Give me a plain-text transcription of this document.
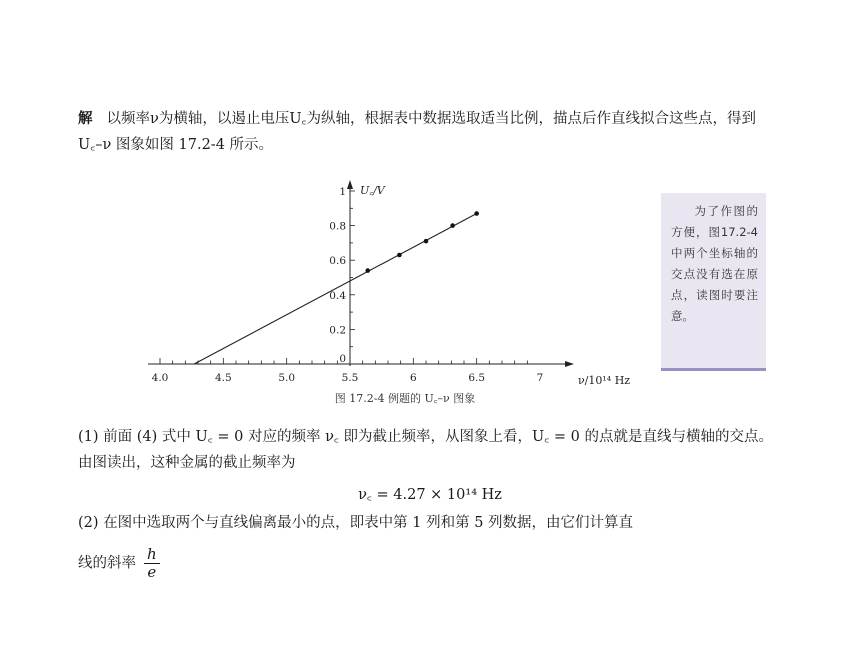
解 以频率ν为横轴，以遏止电压U꜀为纵轴，根据表中数据选取适当比例，描点后作直线拟合这些点，得到 U꜀–ν 图象如图 17.2-4 所示。

4.0	4.5	5.0	5.5	6	6.5	7
0
0.2
0.4
0.6
0.8
1 U꜀/V
ν/10¹⁴ Hz
图 17.2-4 例题的 U꜀–ν 图象
为了作图的方便，图17.2-4中两个坐标轴的交点没有选在原点，读图时要注意。

(1) 前面 (4) 式中 U꜀ = 0 对应的频率 ν꜀ 即为截止频率，从图象上看，U꜀ = 0 的点就是直线与横轴的交点。由图读出，这种金属的截止频率为

ν꜀ = 4.27 × 10¹⁴ Hz

(2) 在图中选取两个与直线偏离最小的点，即表中第 1 列和第 5 列数据，由它们计算直
线的斜率 $\frac{h}{e}$
